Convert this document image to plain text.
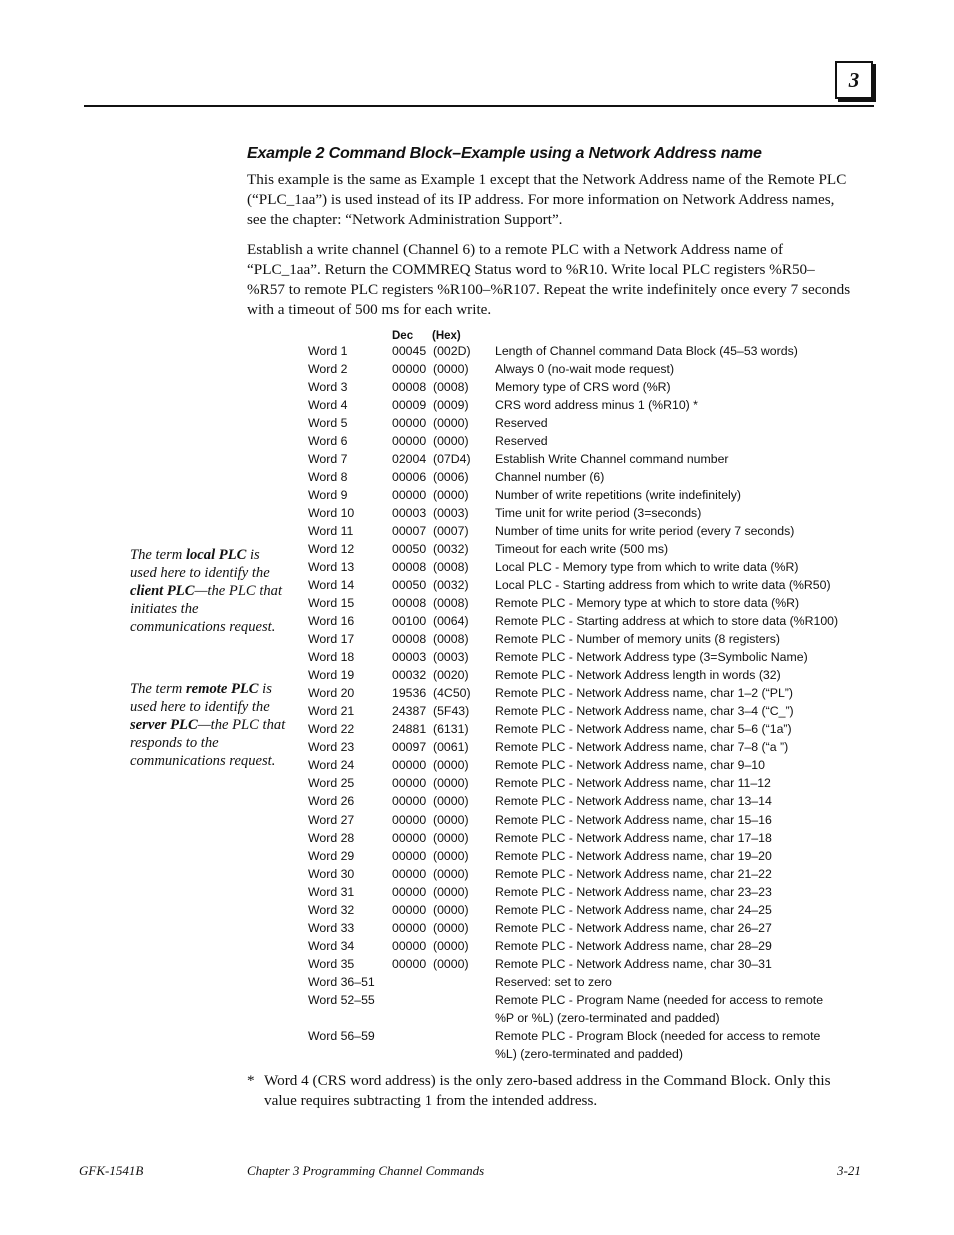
3
Example 2 Command Block–Example using a Network Address name

This example is the same as Example 1 except that the Network Address name of the Remote PLC (“PLC_1aa”) is used instead of its IP address. For more information on Network Address names, see the chapter: “Network Administration Support”.

Establish a write channel (Channel 6) to a remote PLC with a Network Address name of “PLC_1aa”. Return the COMMREQ Status word to %R10. Write local PLC registers %R50–%R57 to remote PLC registers %R100–%R107. Repeat the write indefinitely once every 7 seconds with a timeout of 500 ms for each write.

The term local PLC is used here to identify the client PLC—the PLC that initiates the communications request.

The term remote PLC is used here to identify the server PLC—the PLC that responds to the communications request.

Dec (Hex)
Word 1	00045 (002D) Length of Channel command Data Block (45–53 words)
Word 2	00000 (0000) Always 0 (no-wait mode request)
Word 3	00008 (0008) Memory type of CRS word (%R)
Word 4	00009 (0009) CRS word address minus 1 (%R10) *
Word 5	00000 (0000) Reserved
Word 6	00000 (0000) Reserved
Word 7	02004 (07D4) Establish Write Channel command number
Word 8	00006 (0006) Channel number (6)
Word 9	00000 (0000) Number of write repetitions (write indefinitely)
Word 10	00003 (0003) Time unit for write period (3=seconds)
Word 11	00007 (0007) Number of time units for write period (every 7 seconds)
Word 12	00050 (0032) Timeout for each write (500 ms)
Word 13	00008 (0008) Local PLC - Memory type from which to write data (%R)
Word 14	00050 (0032) Local PLC - Starting address from which to write data (%R50)
Word 15	00008 (0008) Remote PLC - Memory type at which to store data (%R)
Word 16	00100 (0064) Remote PLC - Starting address at which to store data (%R100)
Word 17	00008 (0008) Remote PLC - Number of memory units (8 registers)
Word 18	00003 (0003) Remote PLC - Network Address type (3=Symbolic Name)
Word 19	00032 (0020) Remote PLC - Network Address length in words (32)
Word 20	19536 (4C50) Remote PLC - Network Address name, char 1–2 (“PL”)
Word 21	24387 (5F43) Remote PLC - Network Address name, char 3–4 (“C_”)
Word 22	24881 (6131) Remote PLC - Network Address name, char 5–6 (“1a”)
Word 23	00097 (0061) Remote PLC - Network Address name, char 7–8 (“a ”)
Word 24	00000 (0000) Remote PLC - Network Address name, char 9–10
Word 25	00000 (0000) Remote PLC - Network Address name, char 11–12
Word 26	00000 (0000) Remote PLC - Network Address name, char 13–14
Word 27	00000 (0000) Remote PLC - Network Address name, char 15–16
Word 28	00000 (0000) Remote PLC - Network Address name, char 17–18
Word 29	00000 (0000) Remote PLC - Network Address name, char 19–20
Word 30	00000 (0000) Remote PLC - Network Address name, char 21–22
Word 31	00000 (0000) Remote PLC - Network Address name, char 23–23
Word 32	00000 (0000) Remote PLC - Network Address name, char 24–25
Word 33	00000 (0000) Remote PLC - Network Address name, char 26–27
Word 34	00000 (0000) Remote PLC - Network Address name, char 28–29
Word 35	00000 (0000) Remote PLC - Network Address name, char 30–31
Word 36–51	Reserved: set to zero
Word 52–55	Remote PLC - Program Name (needed for access to remote
%P or %L) (zero-terminated and padded)
Word 56–59	Remote PLC - Program Block (needed for access to remote
%L) (zero-terminated and padded)
* Word 4 (CRS word address) is the only zero-based address in the Command Block. Only this value requires subtracting 1 from the intended address.
GFK-1541B	Chapter 3 Programming Channel Commands	3-21
